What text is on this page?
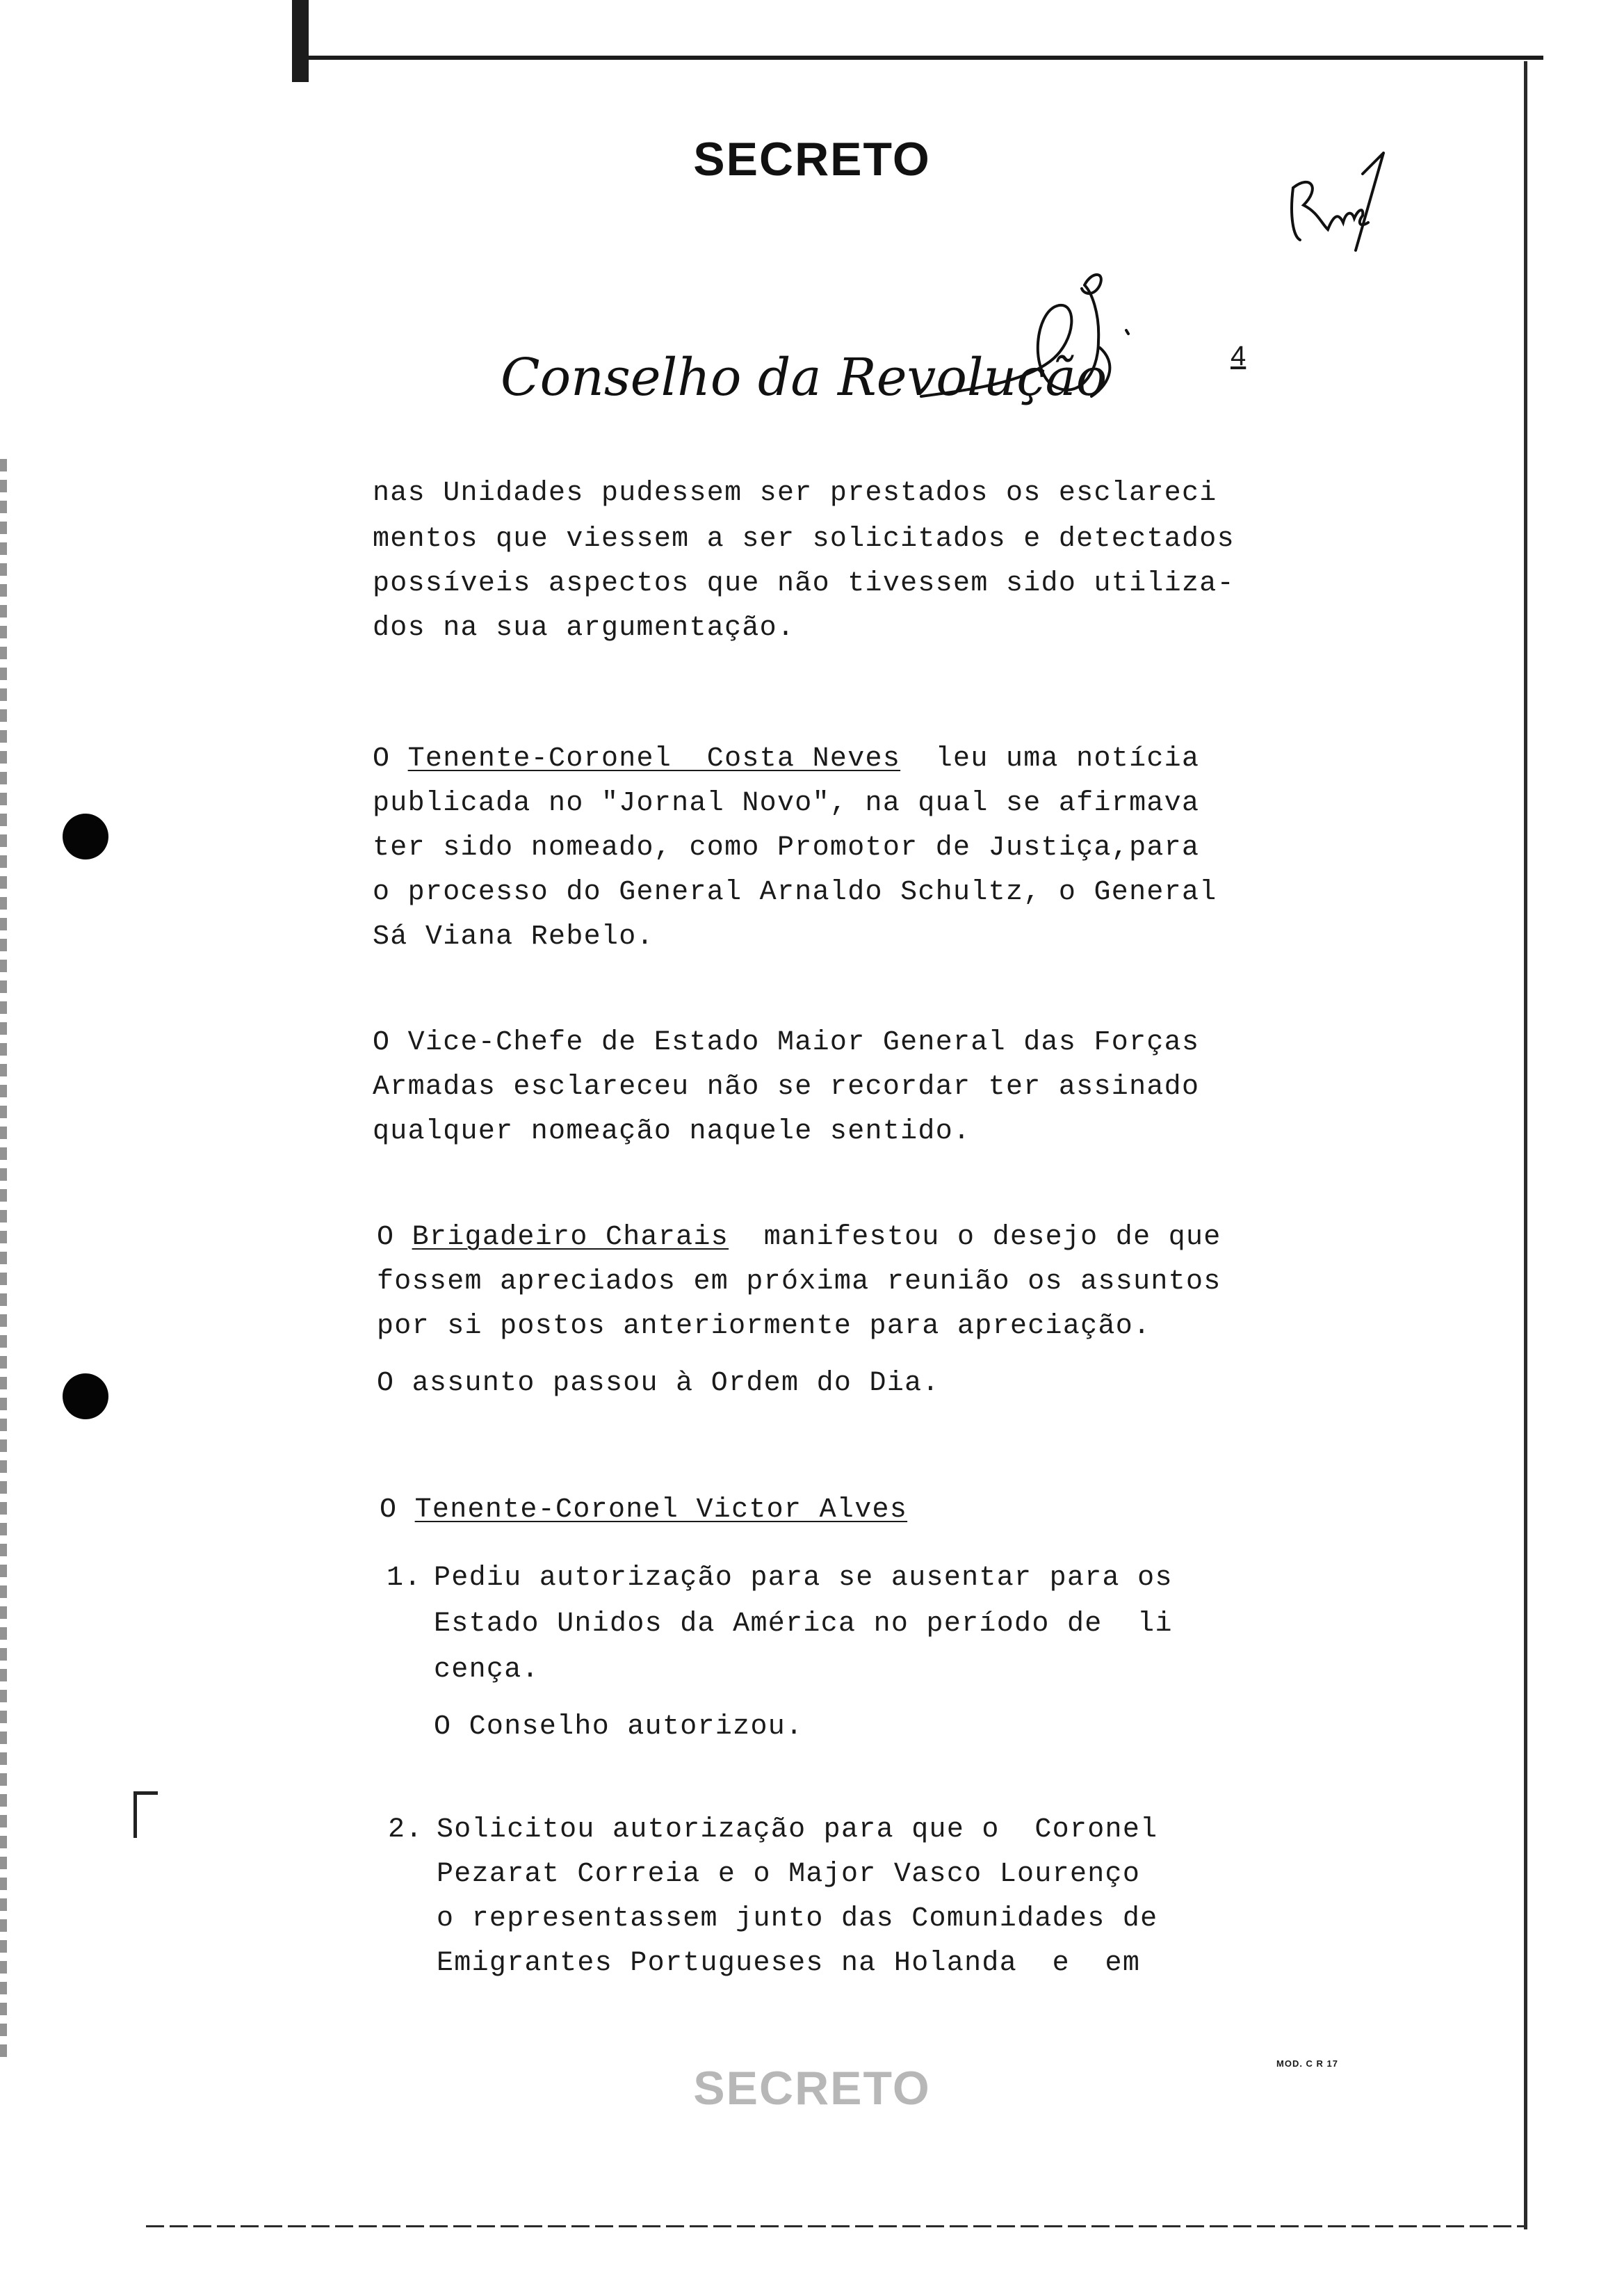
SECRETO
Conselho da Revolução	4
nas Unidades pudessem ser prestados os esclareci
mentos que viessem a ser solicitados e detectados
possíveis aspectos que não tivessem sido utiliza-
dos na sua argumentação.
O Tenente-Coronel  Costa Neves  leu uma notícia
publicada no "Jornal Novo", na qual se afirmava
ter sido nomeado, como Promotor de Justiça,para
o processo do General Arnaldo Schultz, o General
Sá Viana Rebelo.
O Vice-Chefe de Estado Maior General das Forças
Armadas esclareceu não se recordar ter assinado
qualquer nomeação naquele sentido.
O Brigadeiro Charais  manifestou o desejo de que
fossem apreciados em próxima reunião os assuntos
por si postos anteriormente para apreciação.
O assunto passou à Ordem do Dia.
O Tenente-Coronel Victor Alves
1. Pediu autorização para se ausentar para os
Estado Unidos da América no período de  li
cença.
O Conselho autorizou.
2. Solicitou autorização para que o  Coronel
Pezarat Correia e o Major Vasco Lourenço
o representassem junto das Comunidades de
Emigrantes Portugueses na Holanda  e  em
SECRETO	MOD. C R 17
